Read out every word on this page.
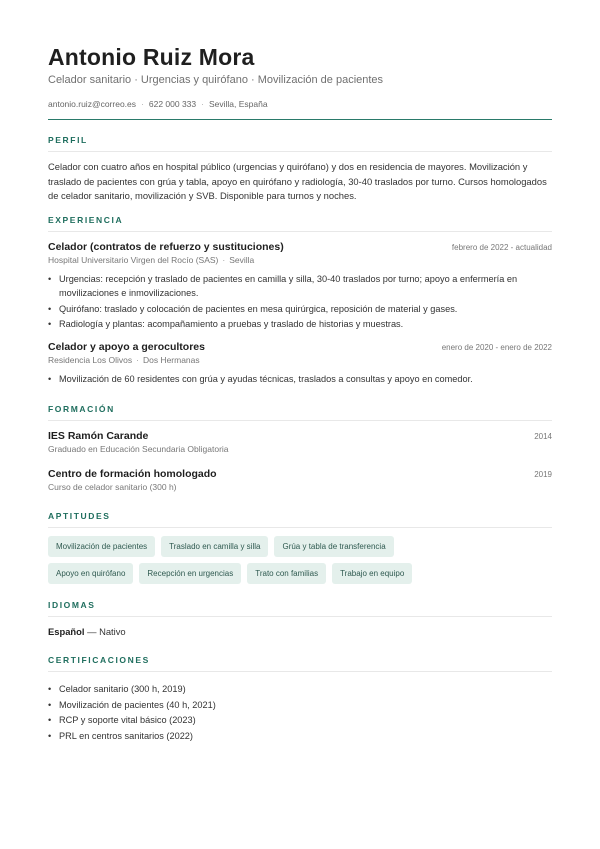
Antonio Ruiz Mora
Celador sanitario · Urgencias y quirófano · Movilización de pacientes
antonio.ruiz@correo.es · 622 000 333 · Sevilla, España
PERFIL
Celador con cuatro años en hospital público (urgencias y quirófano) y dos en residencia de mayores. Movilización y traslado de pacientes con grúa y tabla, apoyo en quirófano y radiología, 30-40 traslados por turno. Cursos homologados de celador sanitario, movilización y SVB. Disponible para turnos y noches.
EXPERIENCIA
Celador (contratos de refuerzo y sustituciones)	febrero de 2022 - actualidad
Hospital Universitario Virgen del Rocío (SAS) · Sevilla
• Urgencias: recepción y traslado de pacientes en camilla y silla, 30-40 traslados por turno; apoyo a enfermería en movilizaciones e inmovilizaciones.
• Quirófano: traslado y colocación de pacientes en mesa quirúrgica, reposición de material y gases.
• Radiología y plantas: acompañamiento a pruebas y traslado de historias y muestras.
Celador y apoyo a gerocultores	enero de 2020 - enero de 2022
Residencia Los Olivos · Dos Hermanas
• Movilización de 60 residentes con grúa y ayudas técnicas, traslados a consultas y apoyo en comedor.
FORMACIÓN
IES Ramón Carande	2014
Graduado en Educación Secundaria Obligatoria
Centro de formación homologado	2019
Curso de celador sanitario (300 h)
APTITUDES
Movilización de pacientes	Traslado en camilla y silla	Grúa y tabla de transferencia
Apoyo en quirófano	Recepción en urgencias	Trato con familias	Trabajo en equipo
IDIOMAS
Español — Nativo
CERTIFICACIONES
• Celador sanitario (300 h, 2019)
• Movilización de pacientes (40 h, 2021)
• RCP y soporte vital básico (2023)
• PRL en centros sanitarios (2022)
